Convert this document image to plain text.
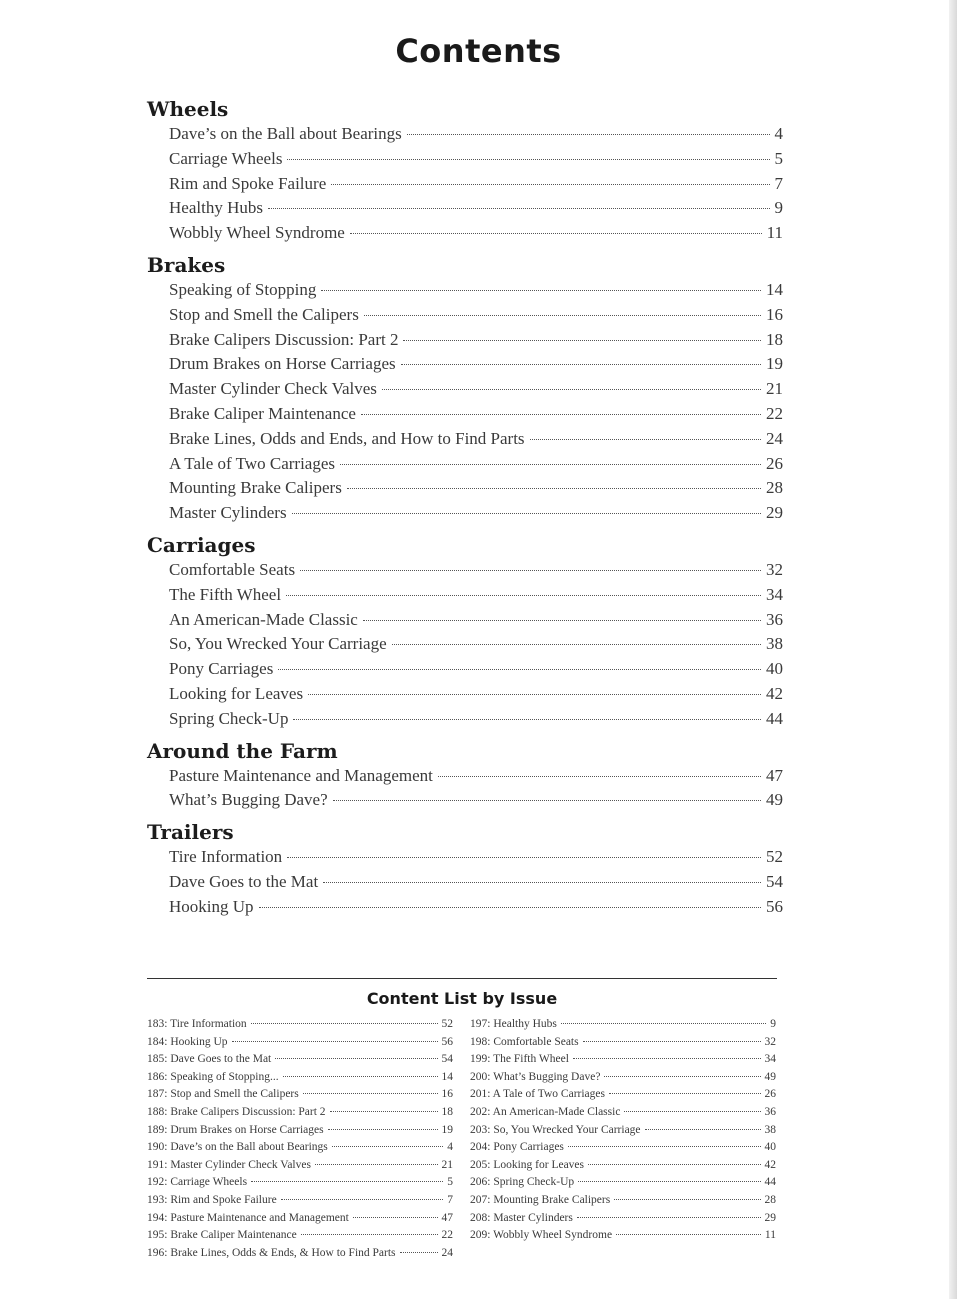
Contents
Wheels
Dave’s on the Ball about Bearings	4
Carriage Wheels	5
Rim and Spoke Failure	7
Healthy Hubs	9
Wobbly Wheel Syndrome	11
Brakes
Speaking of Stopping	14
Stop and Smell the Calipers	16
Brake Calipers Discussion: Part 2	18
Drum Brakes on Horse Carriages	19
Master Cylinder Check Valves	21
Brake Caliper Maintenance	22
Brake Lines, Odds and Ends, and How to Find Parts	24
A Tale of Two Carriages	26
Mounting Brake Calipers	28
Master Cylinders	29
Carriages
Comfortable Seats	32
The Fifth Wheel	34
An American-Made Classic	36
So, You Wrecked Your Carriage	38
Pony Carriages	40
Looking for Leaves	42
Spring Check-Up	44
Around the Farm
Pasture Maintenance and Management	47
What’s Bugging Dave?	49
Trailers
Tire Information	52
Dave Goes to the Mat	54
Hooking Up	56
Content List by Issue
183: Tire Information	52
184: Hooking Up	56
185: Dave Goes to the Mat	54
186: Speaking of Stopping...	14
187: Stop and Smell the Calipers	16
188: Brake Calipers Discussion: Part 2	18
189: Drum Brakes on Horse Carriages	19
190: Dave’s on the Ball about Bearings	4
191: Master Cylinder Check Valves	21
192: Carriage Wheels	5
193: Rim and Spoke Failure	7
194: Pasture Maintenance and Management	47
195: Brake Caliper Maintenance	22
196: Brake Lines, Odds & Ends, & How to Find Parts	24
197: Healthy Hubs	9
198: Comfortable Seats	32
199: The Fifth Wheel	34
200: What’s Bugging Dave?	49
201: A Tale of Two Carriages	26
202: An American-Made Classic	36
203: So, You Wrecked Your Carriage	38
204: Pony Carriages	40
205: Looking for Leaves	42
206: Spring Check-Up	44
207: Mounting Brake Calipers	28
208: Master Cylinders	29
209: Wobbly Wheel Syndrome	11
